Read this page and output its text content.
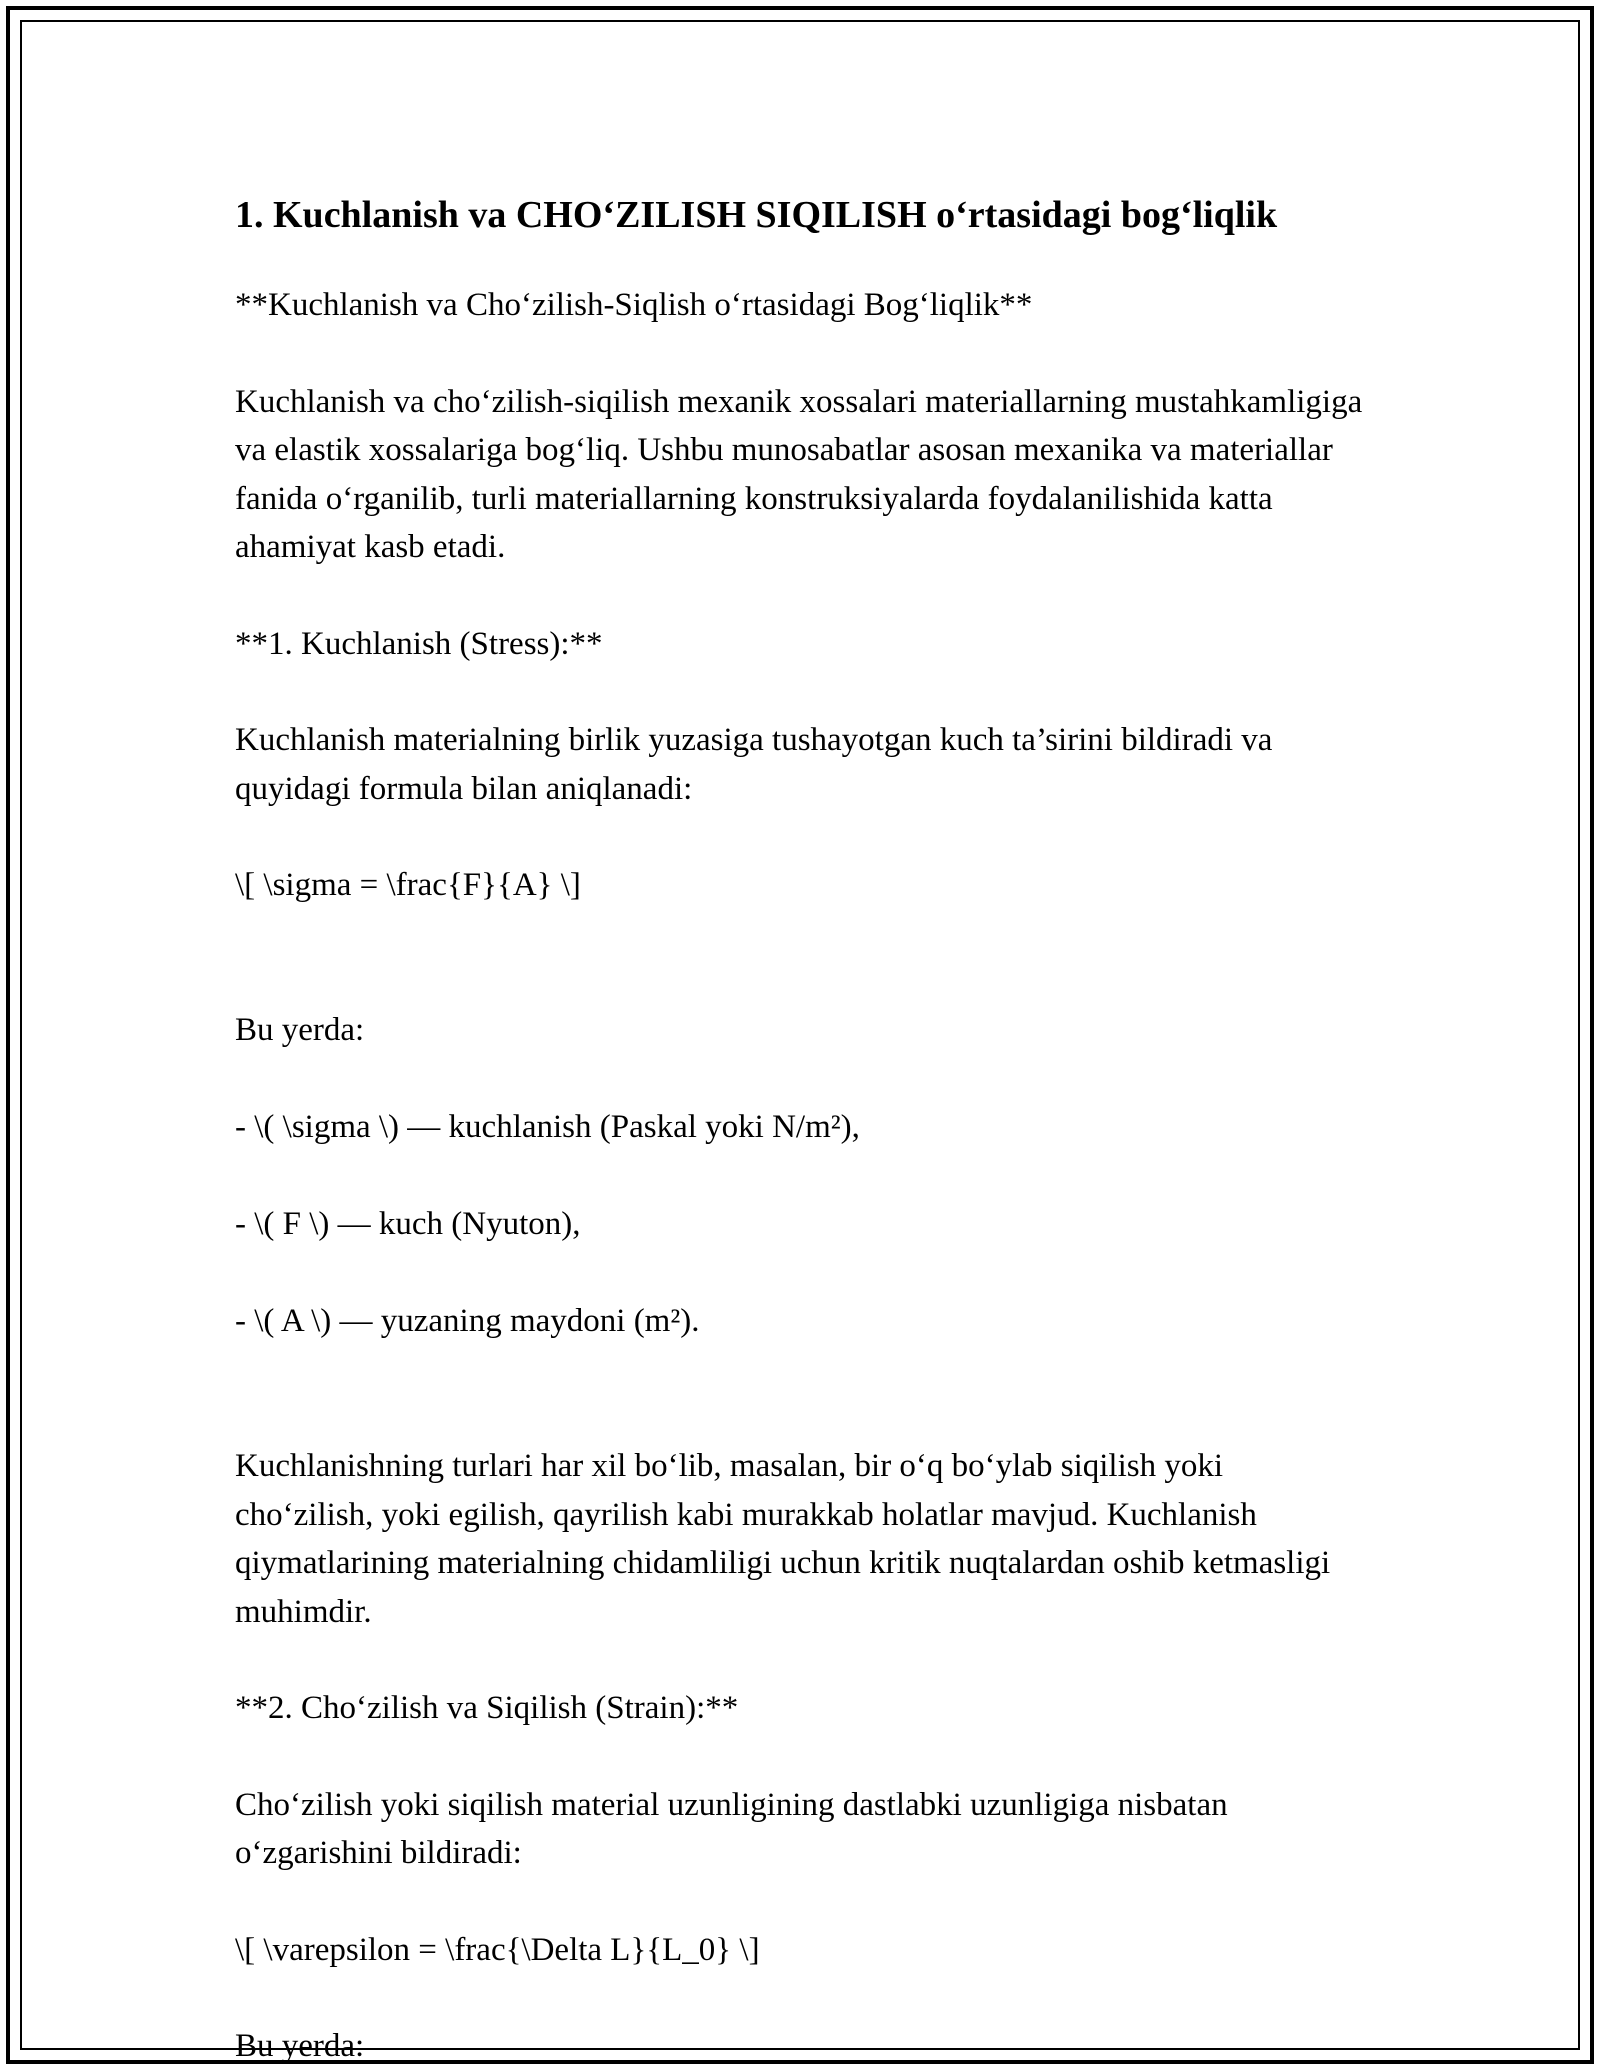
1. Kuchlanish va CHO‘ZILISH SIQILISH o‘rtasidagi bog‘liqlik

**Kuchlanish va Cho‘zilish-Siqlish o‘rtasidagi Bog‘liqlik**

Kuchlanish va cho‘zilish-siqilish mexanik xossalari materiallarning mustahkamligiga va elastik xossalariga bog‘liq. Ushbu munosabatlar asosan mexanika va materiallar fanida o‘rganilib, turli materiallarning konstruksiyalarda foydalanilishida katta ahamiyat kasb etadi.

**1. Kuchlanish (Stress):**

Kuchlanish materialning birlik yuzasiga tushayotgan kuch ta’sirini bildiradi va quyidagi formula bilan aniqlanadi:

\[ \sigma = \frac{F}{A} \]

Bu yerda:

- \( \sigma \) — kuchlanish (Paskal yoki N/m²),

- \( F \) — kuch (Nyuton),

- \( A \) — yuzaning maydoni (m²).

Kuchlanishning turlari har xil bo‘lib, masalan, bir o‘q bo‘ylab siqilish yoki cho‘zilish, yoki egilish, qayrilish kabi murakkab holatlar mavjud. Kuchlanish qiymatlarining materialning chidamliligi uchun kritik nuqtalardan oshib ketmasligi muhimdir.

**2. Cho‘zilish va Siqilish (Strain):**

Cho‘zilish yoki siqilish material uzunligining dastlabki uzunligiga nisbatan o‘zgarishini bildiradi:

\[ \varepsilon = \frac{\Delta L}{L_0} \]

Bu yerda:
